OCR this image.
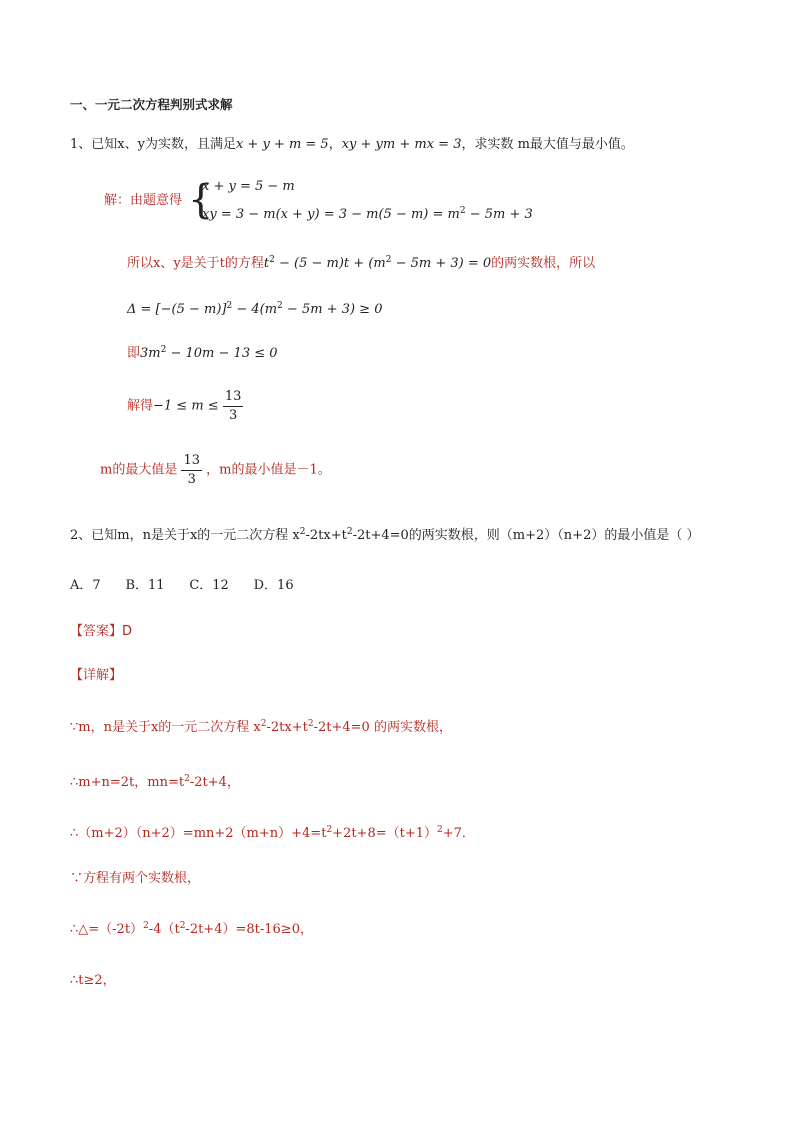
一、一元二次方程判别式求解
1、已知x、y为实数，且满足x + y + m = 5，xy + ym + mx = 3，求实数 m最大值与最小值。
解：由题意得 {
x + y = 5 − m
xy = $3 - m(x + y) = 3 - m(5 - m) = m^2 - 5m + 3$
所以x、y是关于t的方程$t^2 - (5 - m)t + (m^2 - 5m + 3) = 0$的两实数根，所以
$\Delta = [-(5 - m)]^2 - 4(m^2 - 5m + 3) \ge 0$
即$3m^2 - 10m - 13 \le 0$
解得$-1 \le m \le \frac{13}{3}$
m的最大值是 $\frac{13}{3}$ ，m的最小值是－1。
2、已知m，n是关于x的一元二次方程 $x^2-2tx+t^2-2t+4=0$的两实数根，则（m+2）（n+2）的最小值是（ ）
A．7      B．11      C．12      D．16
【答案】D
【详解】
∵m，n是关于x的一元二次方程 $x^2-2tx+t^2-2t+4=0$ 的两实数根，
∴m+n=2t，$mn=t^2-2t+4$，
$\therefore(m+2)(n+2)=mn+2(m+n)+4=t^2+2t+8=(t+1)^2+7$．
∵方程有两个实数根，
$\therefore\triangle=(-2t)^2-4(t^2-2t+4)=8t-16\ge 0$，
∴t≥2，
